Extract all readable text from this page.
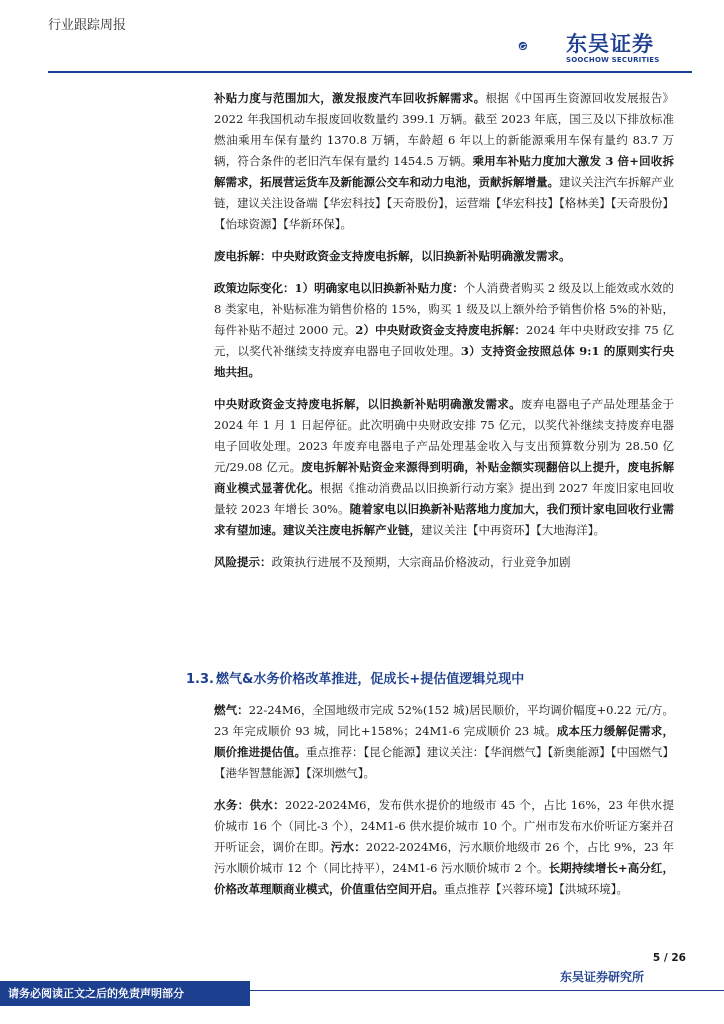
行业跟踪周报
东吴证券
SOOCHOW SECURITIES

补贴力度与范围加大，激发报废汽车回收拆解需求。根据《中国再生资源回收发展报告》2022 年我国机动车报废回收数量约 399.1 万辆。截至 2023 年底，国三及以下排放标准燃油乘用车保有量约 1370.8 万辆，车龄超 6 年以上的新能源乘用车保有量约 83.7 万辆，符合条件的老旧汽车保有量约 1454.5 万辆。乘用车补贴力度加大激发 3 倍+回收拆解需求，拓展营运货车及新能源公交车和动力电池，贡献拆解增量。建议关注汽车拆解产业链，建议关注设备端【华宏科技】【天奇股份】，运营端【华宏科技】【格林美】【天奇股份】【怡球资源】【华新环保】。

废电拆解：中央财政资金支持废电拆解，以旧换新补贴明确激发需求。

政策边际变化：1）明确家电以旧换新补贴力度：个人消费者购买 2 级及以上能效或水效的 8 类家电，补贴标准为销售价格的 15%，购买 1 级及以上额外给予销售价格 5%的补贴，每件补贴不超过 2000 元。2）中央财政资金支持废电拆解：2024 年中央财政安排 75 亿元，以奖代补继续支持废弃电器电子回收处理。3）支持资金按照总体 9:1 的原则实行央地共担。

中央财政资金支持废电拆解，以旧换新补贴明确激发需求。废弃电器电子产品处理基金于 2024 年 1 月 1 日起停征。此次明确中央财政安排 75 亿元，以奖代补继续支持废弃电器电子回收处理。2023 年废弃电器电子产品处理基金收入与支出预算数分别为 28.50 亿元/29.08 亿元。废电拆解补贴资金来源得到明确，补贴金额实现翻倍以上提升，废电拆解商业模式显著优化。根据《推动消费品以旧换新行动方案》提出到 2027 年废旧家电回收量较 2023 年增长 30%。随着家电以旧换新补贴落地力度加大，我们预计家电回收行业需求有望加速。建议关注废电拆解产业链，建议关注【中再资环】【大地海洋】。

风险提示：政策执行进展不及预期，大宗商品价格波动，行业竞争加剧

1.3. 燃气&水务价格改革推进，促成长+提估值逻辑兑现中

燃气：22-24M6，全国地级市完成 52%(152 城)居民顺价，平均调价幅度+0.22 元/方。23 年完成顺价 93 城，同比+158%；24M1-6 完成顺价 23 城。成本压力缓解促需求，顺价推进提估值。重点推荐：【昆仑能源】建议关注：【华润燃气】【新奥能源】【中国燃气】【港华智慧能源】【深圳燃气】。

水务：供水：2022-2024M6，发布供水提价的地级市 45 个，占比 16%，23 年供水提价城市 16 个（同比-3 个），24M1-6 供水提价城市 10 个。广州市发布水价听证方案并召开听证会，调价在即。污水：2022-2024M6，污水顺价地级市 26 个，占比 9%，23 年污水顺价城市 12 个（同比持平），24M1-6 污水顺价城市 2 个。长期持续增长+高分红，价格改革理顺商业模式，价值重估空间开启。重点推荐【兴蓉环境】【洪城环境】。

5 / 26
东吴证券研究所
请务必阅读正文之后的免责声明部分
